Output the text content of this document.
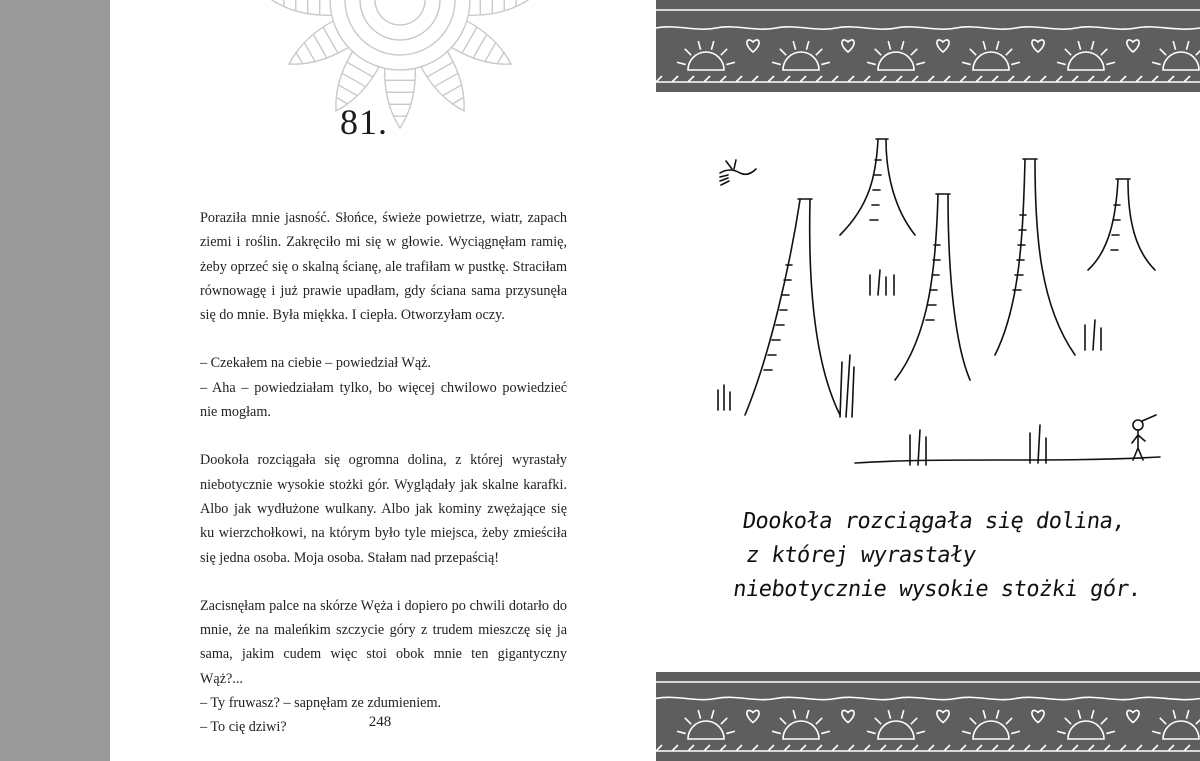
81.

Poraziła mnie jasność. Słońce, świeże powietrze, wiatr, zapach ziemi i roślin. Zakręciło mi się w głowie. Wyciągnęłam ramię, żeby oprzeć się o skalną ścianę, ale trafiłam w pustkę. Straciłam równowagę i już prawie upadłam, gdy ściana sama przysunęła się do mnie. Była miękka. I ciepła. Otworzyłam oczy.

– Czekałem na ciebie – powiedział Wąż.

– Aha – powiedziałam tylko, bo więcej chwilowo powiedzieć nie mogłam.

Dookoła rozciągała się ogromna dolina, z której wyrastały niebotycznie wysokie stożki gór. Wyglądały jak skalne karafki. Albo jak wydłużone wulkany. Albo jak kominy zwężające się ku wierzchołkowi, na którym było tyle miejsca, żeby zmieściła się jedna osoba. Moja osoba. Stałam nad przepaścią!

Zacisnęłam palce na skórze Węża i dopiero po chwili dotarło do mnie, że na maleńkim szczycie góry z trudem mieszczę się ja sama, jakim cudem więc stoi obok mnie ten gigantyczny Wąż?...

– Ty fruwasz? – sapnęłam ze zdumieniem.

– To cię dziwi?	248
Dookoła rozciągała się dolina,
z której wyrastały
niebotycznie wysokie stożki gór.
